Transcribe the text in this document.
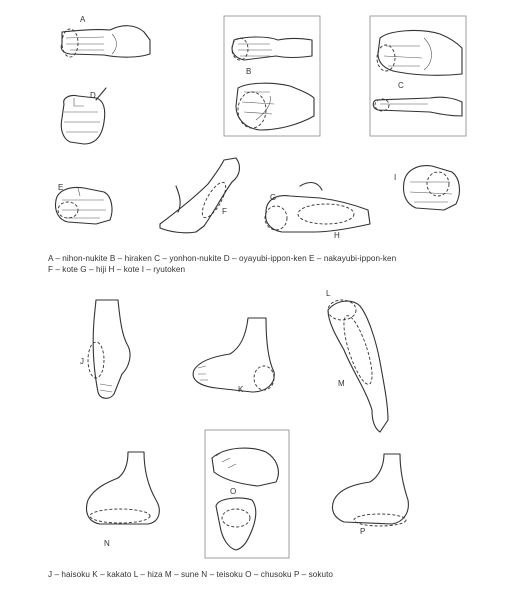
A
D
B
C
E
F
G
H
I
J
K
L
M
O
N
P
A – nihon-nukite B – hiraken C – yonhon-nukite D – oyayubi-ippon-ken E – nakayubi-ippon-ken
F – kote G – hiji H – kote I – ryutoken
J – haisoku K – kakato L – hiza M – sune N – teisoku O – chusoku P – sokuto
